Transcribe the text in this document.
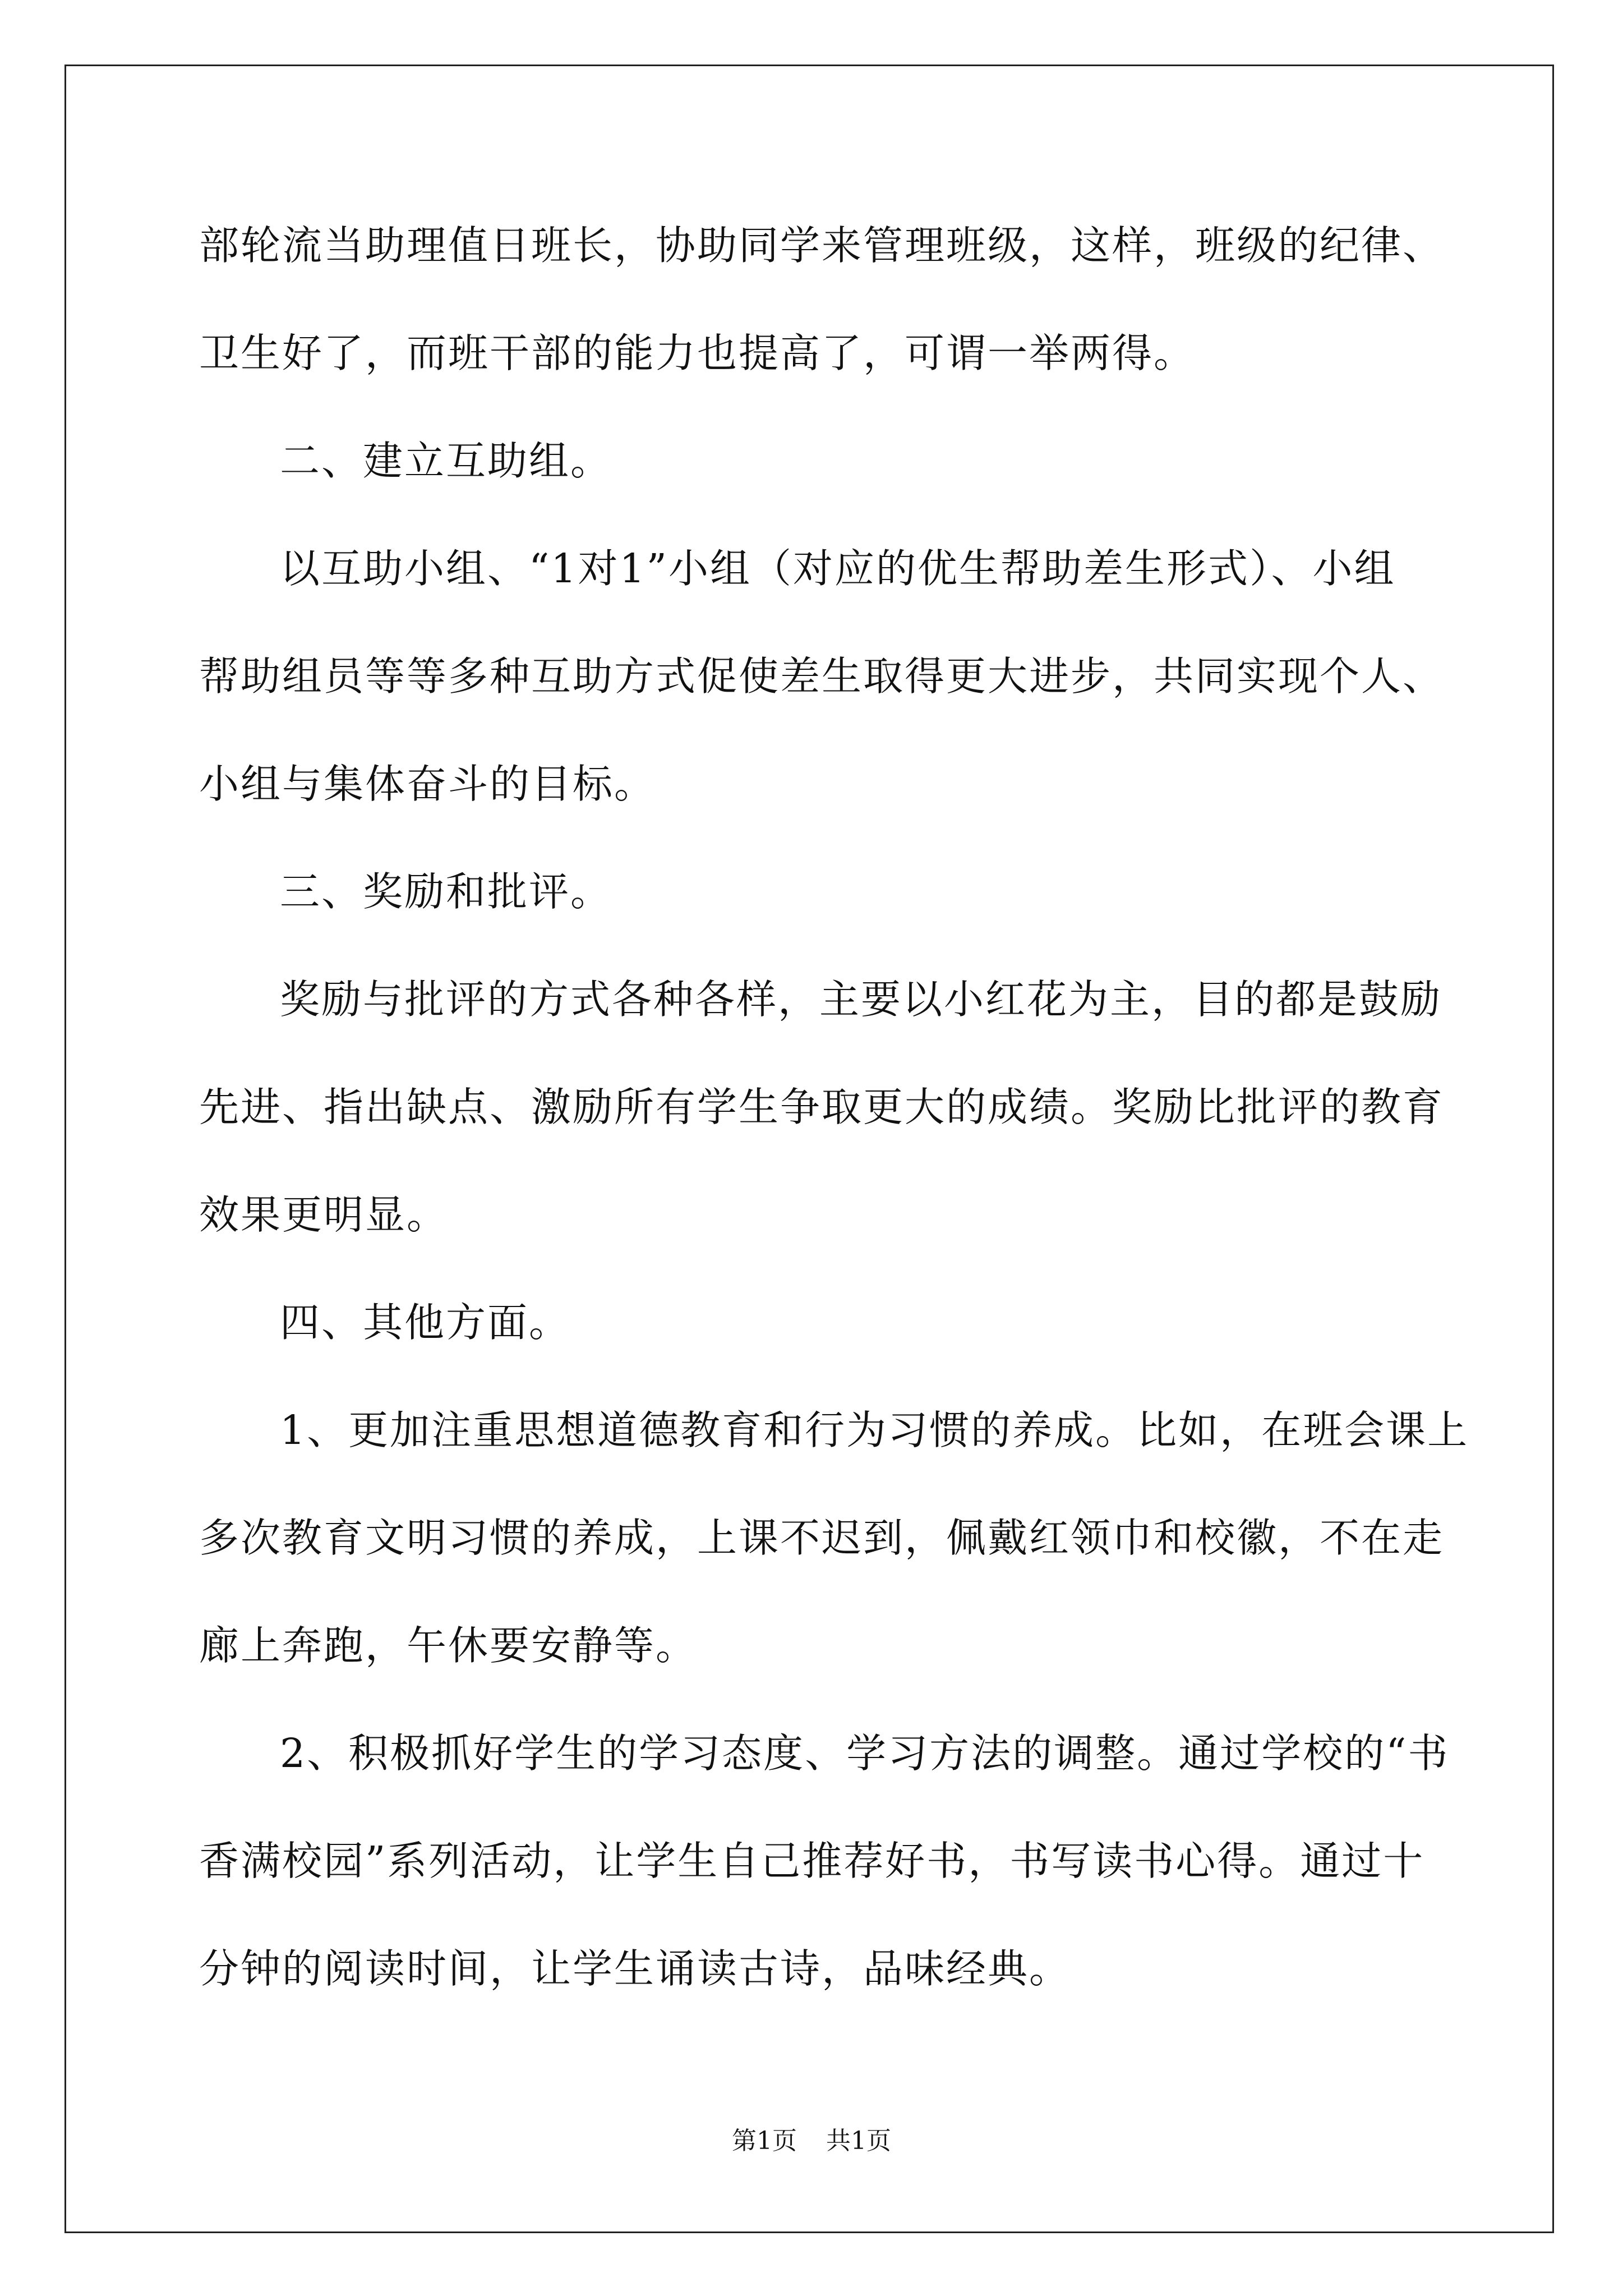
部轮流当助理值日班长，协助同学来管理班级，这样，班级的纪律、

卫生好了，而班干部的能力也提高了，可谓一举两得。

二、建立互助组。

以互助小组、“1对1”小组（对应的优生帮助差生形式）、小组

帮助组员等等多种互助方式促使差生取得更大进步，共同实现个人、

小组与集体奋斗的目标。

三、奖励和批评。

奖励与批评的方式各种各样，主要以小红花为主，目的都是鼓励

先进、指出缺点、激励所有学生争取更大的成绩。奖励比批评的教育

效果更明显。

四、其他方面。

1、更加注重思想道德教育和行为习惯的养成。比如，在班会课上

多次教育文明习惯的养成，上课不迟到，佩戴红领巾和校徽，不在走

廊上奔跑，午休要安静等。

2、积极抓好学生的学习态度、学习方法的调整。通过学校的“书

香满校园”系列活动，让学生自己推荐好书，书写读书心得。通过十

分钟的阅读时间，让学生诵读古诗，品味经典。

第1页 共1页
